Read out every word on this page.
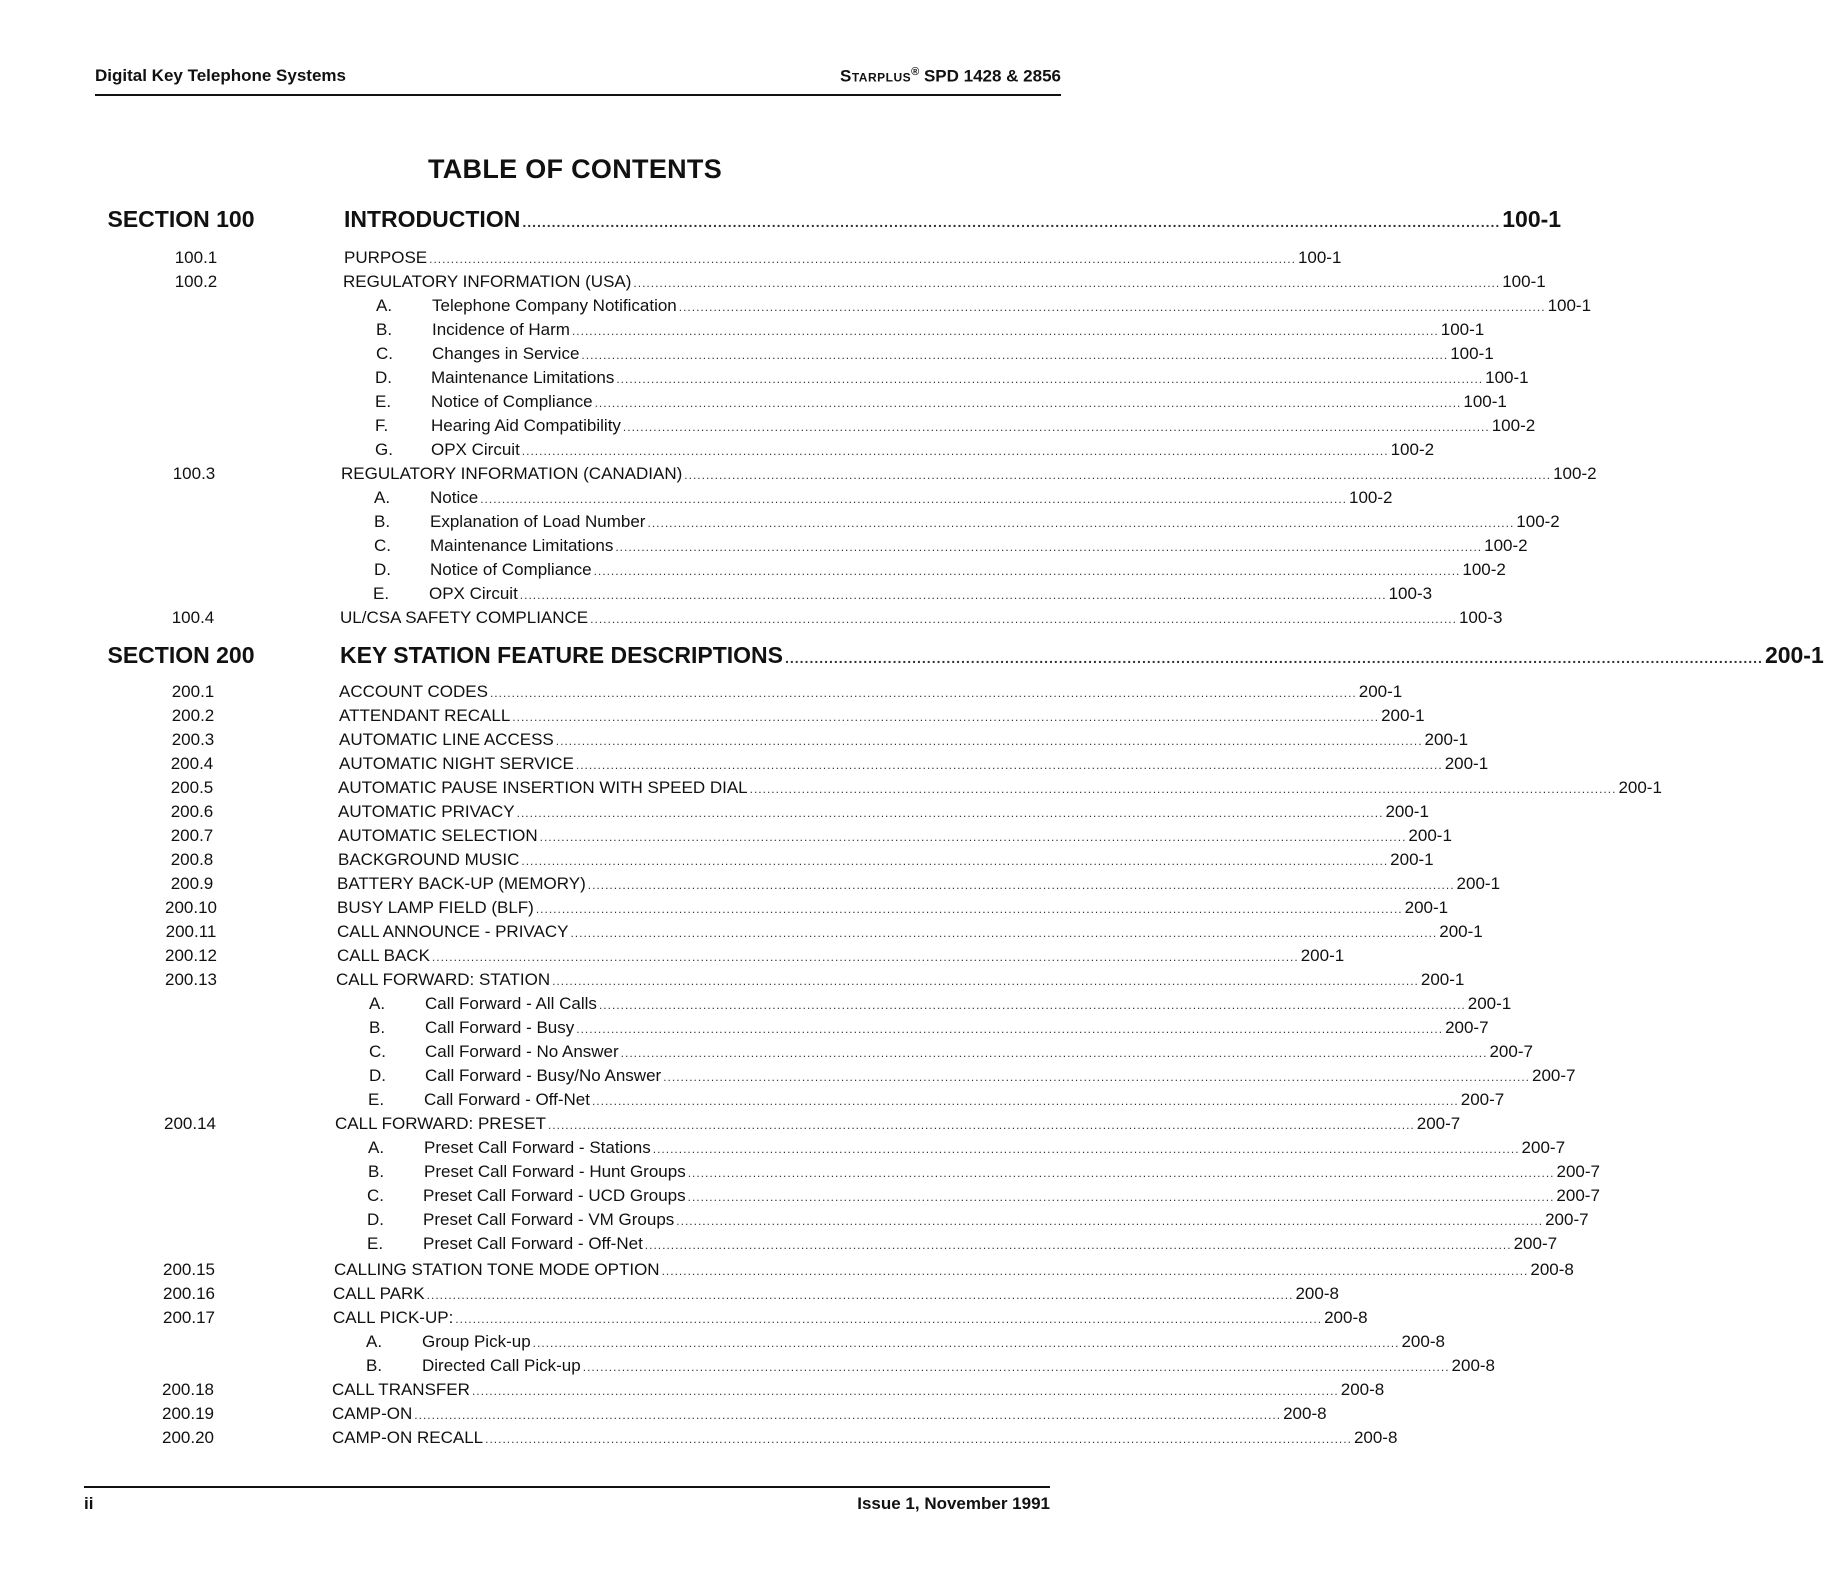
Digital Key Telephone Systems	Starplus® SPD 1428 & 2856
TABLE OF CONTENTS
SECTION 100	INTRODUCTION ........................................................................................................................................................................................................ 100-1
100.1	PURPOSE ........................................................................................................................................................................................................ 100-1
100.2	REGULATORY INFORMATION (USA) ........................................................................................................................................................................................................ 100-1
A.	Telephone Company Notification ........................................................................................................................................................................................................ 100-1
B.	Incidence of Harm ........................................................................................................................................................................................................ 100-1
C.	Changes in Service ........................................................................................................................................................................................................ 100-1
D.	Maintenance Limitations ........................................................................................................................................................................................................ 100-1
E.	Notice of Compliance ........................................................................................................................................................................................................ 100-1
F.	Hearing Aid Compatibility ........................................................................................................................................................................................................ 100-2
G.	OPX Circuit ........................................................................................................................................................................................................ 100-2
100.3	REGULATORY INFORMATION (CANADIAN) ........................................................................................................................................................................................................ 100-2
A.	Notice ........................................................................................................................................................................................................ 100-2
B.	Explanation of Load Number ........................................................................................................................................................................................................ 100-2
C.	Maintenance Limitations ........................................................................................................................................................................................................ 100-2
D.	Notice of Compliance ........................................................................................................................................................................................................ 100-2
E.	OPX Circuit ........................................................................................................................................................................................................ 100-3
100.4	UL/CSA SAFETY COMPLIANCE ........................................................................................................................................................................................................ 100-3
SECTION 200	KEY STATION FEATURE DESCRIPTIONS ........................................................................................................................................................................................................ 200-1
200.1	ACCOUNT CODES ........................................................................................................................................................................................................ 200-1
200.2	ATTENDANT RECALL ........................................................................................................................................................................................................ 200-1
200.3	AUTOMATIC LINE ACCESS ........................................................................................................................................................................................................ 200-1
200.4	AUTOMATIC NIGHT SERVICE ........................................................................................................................................................................................................ 200-1
200.5	AUTOMATIC PAUSE INSERTION WITH SPEED DIAL ........................................................................................................................................................................................................ 200-1
200.6	AUTOMATIC PRIVACY ........................................................................................................................................................................................................ 200-1
200.7	AUTOMATIC SELECTION ........................................................................................................................................................................................................ 200-1
200.8	BACKGROUND MUSIC ........................................................................................................................................................................................................ 200-1
200.9	BATTERY BACK-UP (MEMORY) ........................................................................................................................................................................................................ 200-1
200.10	BUSY LAMP FIELD (BLF) ........................................................................................................................................................................................................ 200-1
200.11	CALL ANNOUNCE - PRIVACY ........................................................................................................................................................................................................ 200-1
200.12	CALL BACK ........................................................................................................................................................................................................ 200-1
200.13	CALL FORWARD: STATION ........................................................................................................................................................................................................ 200-1
A.	Call Forward - All Calls ........................................................................................................................................................................................................ 200-1
B.	Call Forward - Busy ........................................................................................................................................................................................................ 200-7
C.	Call Forward - No Answer ........................................................................................................................................................................................................ 200-7
D.	Call Forward - Busy/No Answer ........................................................................................................................................................................................................ 200-7
E.	Call Forward - Off-Net ........................................................................................................................................................................................................ 200-7
200.14	CALL FORWARD: PRESET ........................................................................................................................................................................................................ 200-7
A.	Preset Call Forward - Stations ........................................................................................................................................................................................................ 200-7
B.	Preset Call Forward - Hunt Groups ........................................................................................................................................................................................................ 200-7
C.	Preset Call Forward - UCD Groups ........................................................................................................................................................................................................ 200-7
D.	Preset Call Forward - VM Groups ........................................................................................................................................................................................................ 200-7
E.	Preset Call Forward - Off-Net ........................................................................................................................................................................................................ 200-7
200.15	CALLING STATION TONE MODE OPTION ........................................................................................................................................................................................................ 200-8
200.16	CALL PARK ........................................................................................................................................................................................................ 200-8
200.17	CALL PICK-UP: ........................................................................................................................................................................................................ 200-8
A.	Group Pick-up ........................................................................................................................................................................................................ 200-8
B.	Directed Call Pick-up ........................................................................................................................................................................................................ 200-8
200.18	CALL TRANSFER ........................................................................................................................................................................................................ 200-8
200.19	CAMP-ON ........................................................................................................................................................................................................ 200-8
200.20	CAMP-ON RECALL ........................................................................................................................................................................................................ 200-8
ii	Issue 1, November 1991
